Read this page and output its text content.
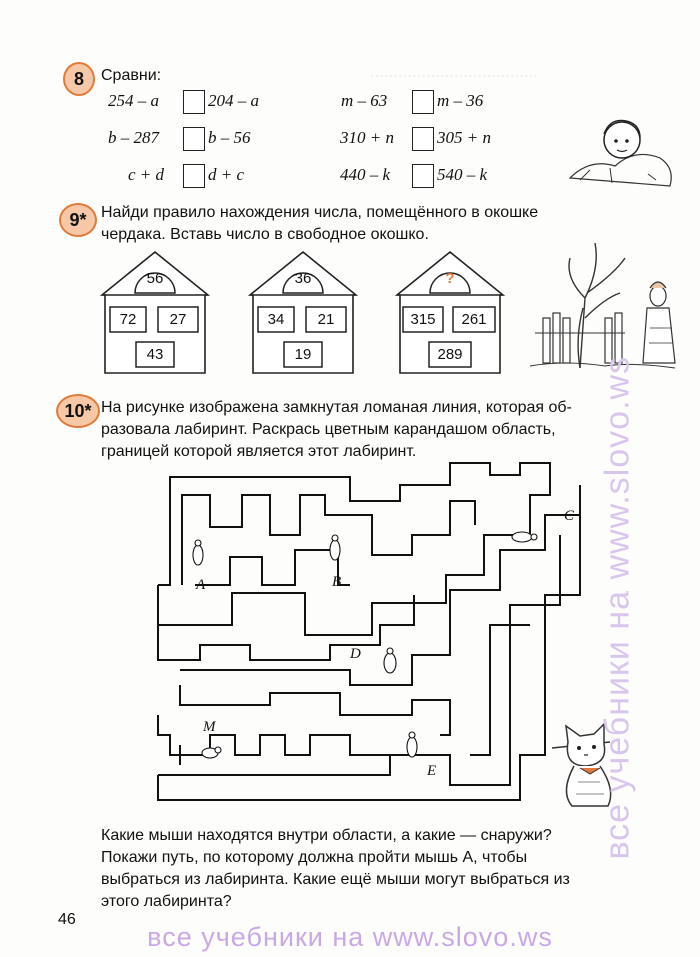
………………………………
8	Сравни:
254 – a	204 – a	m – 63	m – 36
b – 287	b – 56	310 + n	305 + n
c + d	d + c	440 – k	540 – k
9* Найди правило нахождения числа, помещённого в окошке
чердака. Вставь число в свободное окошко.
56
72	27
43
36
34	21
19
?
315	261
289
10* На рисунке изображена замкнутая ломаная линия, которая об-
разовала лабиринт. Раскрась цветным карандашом область,
границей которой является этот лабиринт.
A	B
C
D
M
E
Какие мыши находятся внутри области, а какие — снаружи?
Покажи путь, по которому должна пройти мышь A, чтобы
выбраться из лабиринта. Какие ещё мыши могут выбраться из
этого лабиринта?
46
все учебники на www.slovo.ws
все учебники на www.slovo.ws
